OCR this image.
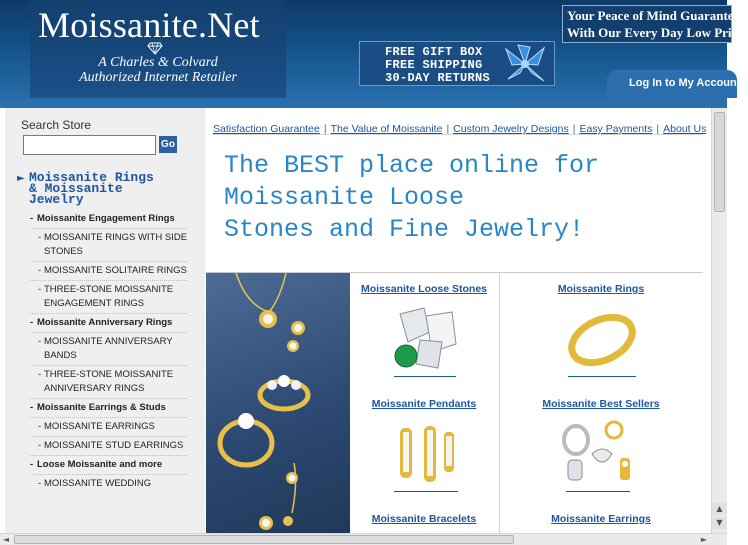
Moissanite.Net
A Charles & Colvard
Authorized Internet Retailer
FREE GIFT BOX
FREE SHIPPING
30-DAY RETURNS
Your Peace of Mind Guarantee
With Our Every Day Low Prices
Log In to My Account
Search Store
Go
► Moissanite Rings
& Moissanite
Jewelry
- Moissanite Engagement Rings
- MOISSANITE RINGS WITH SIDE STONES
- MOISSANITE SOLITAIRE RINGS
- THREE-STONE MOISSANITE ENGAGEMENT RINGS
- Moissanite Anniversary Rings
- MOISSANITE ANNIVERSARY BANDS
- THREE-STONE MOISSANITE ANNIVERSARY RINGS
- Moissanite Earrings & Studs
- MOISSANITE EARRINGS
- MOISSANITE STUD EARRINGS
- Loose Moissanite and more
- MOISSANITE WEDDING
Satisfaction Guarantee | The Value of Moissanite | Custom Jewelry Designs | Easy Payments | About Us
The BEST place online for
Moissanite Loose
Stones and Fine Jewelry!
Moissanite Loose Stones	Moissanite Rings
Moissanite Pendants	Moissanite Best Sellers
Moissanite Bracelets	Moissanite Earrings
▲
▼
◄	►
